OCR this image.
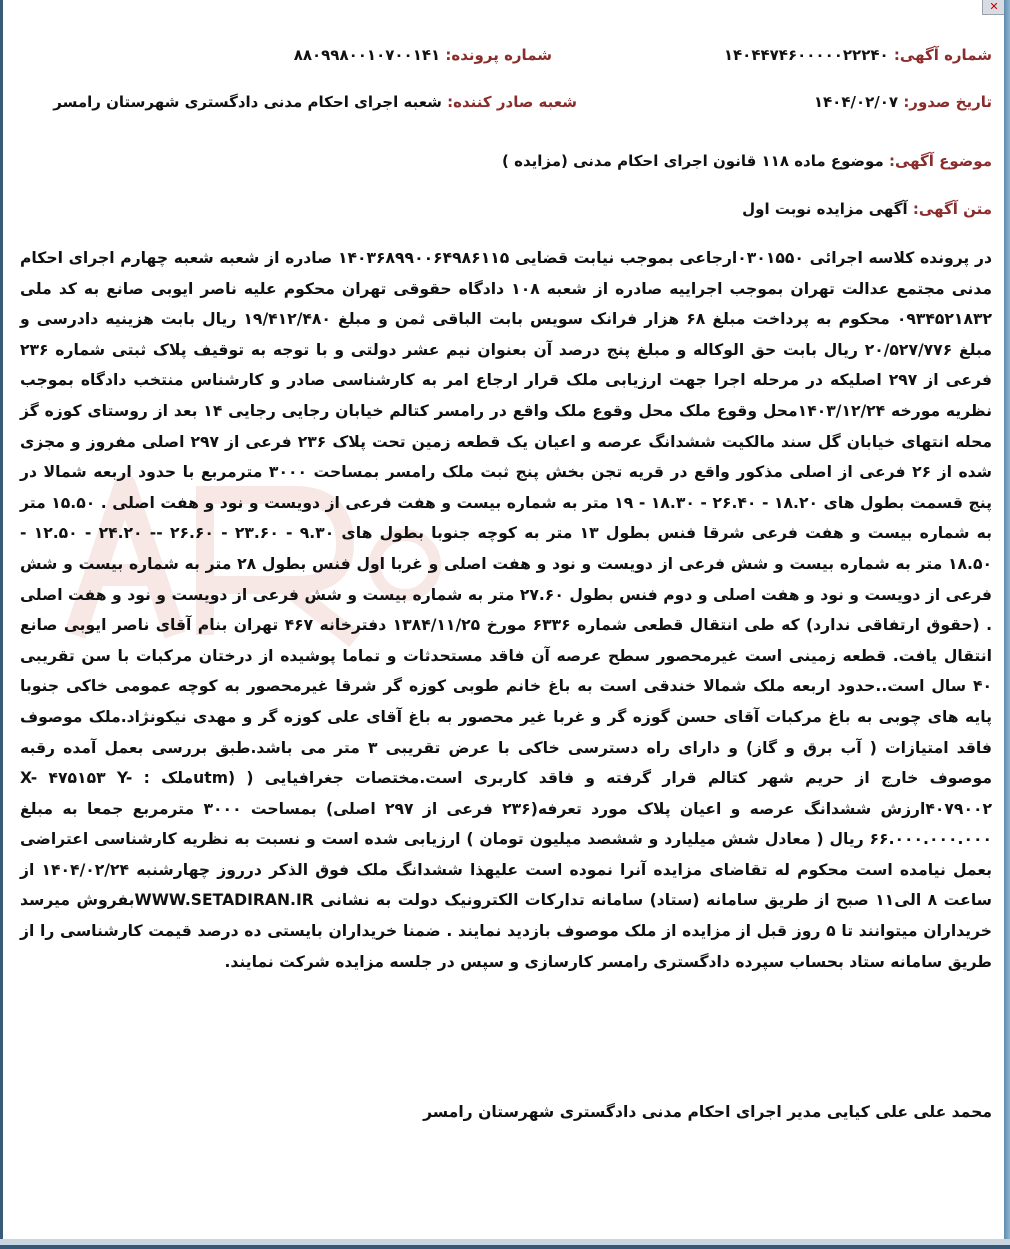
✕
شماره آگهی: ۱۴۰۴۴۷۴۶۰۰۰۰۰۲۲۲۴۰
شماره پرونده: ۸۸۰۹۹۸۰۰۱۰۷۰۰۱۴۱
تاریخ صدور: ۱۴۰۴/۰۲/۰۷
شعبه صادر کننده: شعبه اجرای احکام مدنی دادگستری شهرستان رامسر
موضوع آگهی: موضوع ماده ۱۱۸ قانون اجرای احکام مدنی (مزایده )
متن آگهی: آگهی مزایده نوبت اول
در پرونده کلاسه اجرائی ۰۳۰۱۵۵۰ارجاعی بموجب نیابت قضایی ۱۴۰۳۶۸۹۹۰۰۶۴۹۸۶۱۱۵ صادره از شعبه شعبه چهارم اجرای احکام مدنی مجتمع عدالت تهران بموجب اجراییه صادره از شعبه ۱۰۸ دادگاه حقوقی تهران محکوم علیه ناصر ایوبی صانع به کد ملی ۰۹۳۴۵۲۱۸۳۲ محکوم به پرداخت مبلغ ۶۸ هزار فرانک سویس بابت الباقی ثمن و مبلغ ۱۹/۴۱۲/۴۸۰ ریال بابت هزینیه دادرسی و مبلغ ۲۰/۵۲۷/۷۷۶ ریال بابت حق الوکاله و مبلغ پنج درصد آن بعنوان نیم عشر دولتی و با توجه به توقیف پلاک ثبتی شماره ۲۳۶ فرعی از ۲۹۷ اصلیکه در مرحله اجرا جهت ارزیابی ملک قرار ارجاع امر به کارشناسی صادر و کارشناس منتخب دادگاه بموجب نظریه مورخه ۱۴۰۳/۱۲/۲۴محل وقوع ملک محل وقوع ملک واقع در رامسر کتالم خیابان رجایی رجایی ۱۴ بعد از روستای کوزه گز محله انتهای خیابان گل سند مالکیت ششدانگ عرصه و اعیان یک قطعه زمین تحت پلاک ۲۳۶ فرعی از ۲۹۷ اصلی مفروز و مجزی شده از ۲۶ فرعی از اصلی مذکور واقع در قریه تجن بخش پنج ثبت ملک رامسر بمساحت ۳۰۰۰ مترمربع با حدود اربعه شمالا در پنج قسمت بطول های ۱۸.۲۰ - ۲۶.۴۰ - ۱۸.۳۰ - ۱۹ متر به شماره بیست و هفت فرعی از دویست و نود و هفت اصلی . ۱۵.۵۰ متر به شماره بیست و هفت فرعی شرقا فنس بطول ۱۳ متر به کوچه جنوبا بطول های ۹.۳۰ - ۲۳.۶۰ - ۲۶.۶۰ -- ۲۴.۲۰ - ۱۲.۵۰ - ۱۸.۵۰ متر به شماره بیست و شش فرعی از دویست و نود و هفت اصلی و غربا اول فنس بطول ۲۸ متر به شماره بیست و شش فرعی از دویست و نود و هفت اصلی و دوم فنس بطول ۲۷.۶۰ متر به شماره بیست و شش فرعی از دویست و نود و هفت اصلی . (حقوق ارتفاقی ندارد) که طی انتقال قطعی شماره ۶۳۳۶ مورخ ۱۳۸۴/۱۱/۲۵ دفترخانه ۴۶۷ تهران بنام آقای ناصر ایوبی صانع انتقال یافت. قطعه زمینی است غیرمحصور سطح عرصه آن فاقد مستحدثات و تماما پوشیده از درختان مرکبات با سن تقریبی ۴۰ سال است..حدود اربعه ملک شمالا خندقی است به باغ خانم طوبی کوزه گر شرقا غیرمحصور به کوچه عمومی خاکی جنوبا پایه های چوبی به باغ مرکبات آقای حسن گوزه گر و غربا غیر محصور به باغ آقای علی کوزه گر و مهدی نیکونژاد.ملک موصوف فاقد امتیازات ( آب برق و گاز) و دارای راه دسترسی خاکی با عرض تقریبی ۳ متر می باشد.طبق بررسی بعمل آمده رقبه موصوف خارج از حریم شهر کتالم قرار گرفته و فاقد کاربری است.مختصات جغرافیایی ( (utmملک : X- ۴۷۵۱۵۳ Y- ۴۰۷۹۰۰۲ارزش ششدانگ عرصه و اعیان پلاک مورد تعرفه(۲۳۶ فرعی از ۲۹۷ اصلی) بمساحت ۳۰۰۰ مترمربع جمعا به مبلغ ۶۶.۰۰۰.۰۰۰.۰۰۰ ریال ( معادل شش میلیارد و ششصد میلیون تومان ) ارزیابی شده است و نسبت به نظریه کارشناسی اعتراضی بعمل نیامده است محکوم له تقاضای مزایده آنرا نموده است علیهذا ششدانگ ملک فوق الذکر درروز چهارشنبه ۱۴۰۴/۰۲/۲۴ از ساعت ۸ الی۱۱ صبح از طریق سامانه (ستاد) سامانه تدارکات الکترونیک دولت به نشانی WWW.SETADIRAN.IRبفروش میرسد خریداران میتوانند تا ۵ روز قبل از مزایده از ملک موصوف بازدید نمایند . ضمنا خریداران بایستی ده درصد قیمت کارشناسی را از طریق سامانه ستاد بحساب سپرده دادگستری رامسر کارسازی و سپس در جلسه مزایده شرکت نمایند.
محمد علی علی کیایی مدیر اجرای احکام مدنی دادگستری شهرستان رامسر
